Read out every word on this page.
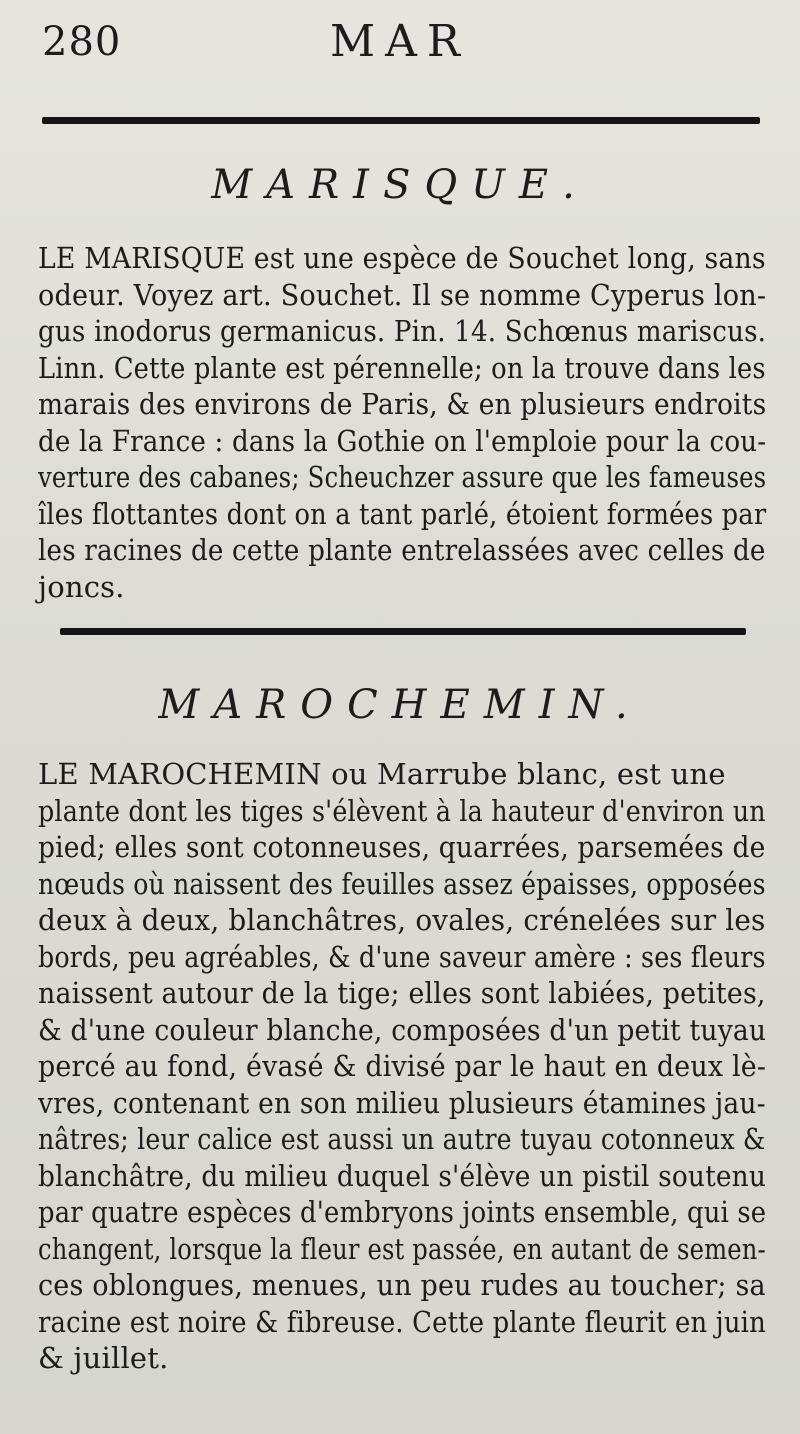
280	MAR
MARISQUE.
LE MARISQUE est une espèce de Souchet long, sans
odeur. Voyez art. Souchet. Il se nomme Cyperus lon-
gus inodorus germanicus. Pin. 14. Schœnus mariscus.
Linn. Cette plante est pérennelle; on la trouve dans les
marais des environs de Paris, & en plusieurs endroits
de la France : dans la Gothie on l'emploie pour la cou-
verture des cabanes; Scheuchzer assure que les fameuses
îles flottantes dont on a tant parlé, étoient formées par
les racines de cette plante entrelassées avec celles de
joncs.
MAROCHEMIN.
LE MAROCHEMIN ou Marrube blanc, est une
plante dont les tiges s'élèvent à la hauteur d'environ un
pied; elles sont cotonneuses, quarrées, parsemées de
nœuds où naissent des feuilles assez épaisses, opposées
deux à deux, blanchâtres, ovales, crénelées sur les
bords, peu agréables, & d'une saveur amère : ses fleurs
naissent autour de la tige; elles sont labiées, petites,
& d'une couleur blanche, composées d'un petit tuyau
percé au fond, évasé & divisé par le haut en deux lè-
vres, contenant en son milieu plusieurs étamines jau-
nâtres; leur calice est aussi un autre tuyau cotonneux &
blanchâtre, du milieu duquel s'élève un pistil soutenu
par quatre espèces d'embryons joints ensemble, qui se
changent, lorsque la fleur est passée, en autant de semen-
ces oblongues, menues, un peu rudes au toucher; sa
racine est noire & fibreuse. Cette plante fleurit en juin
& juillet.
